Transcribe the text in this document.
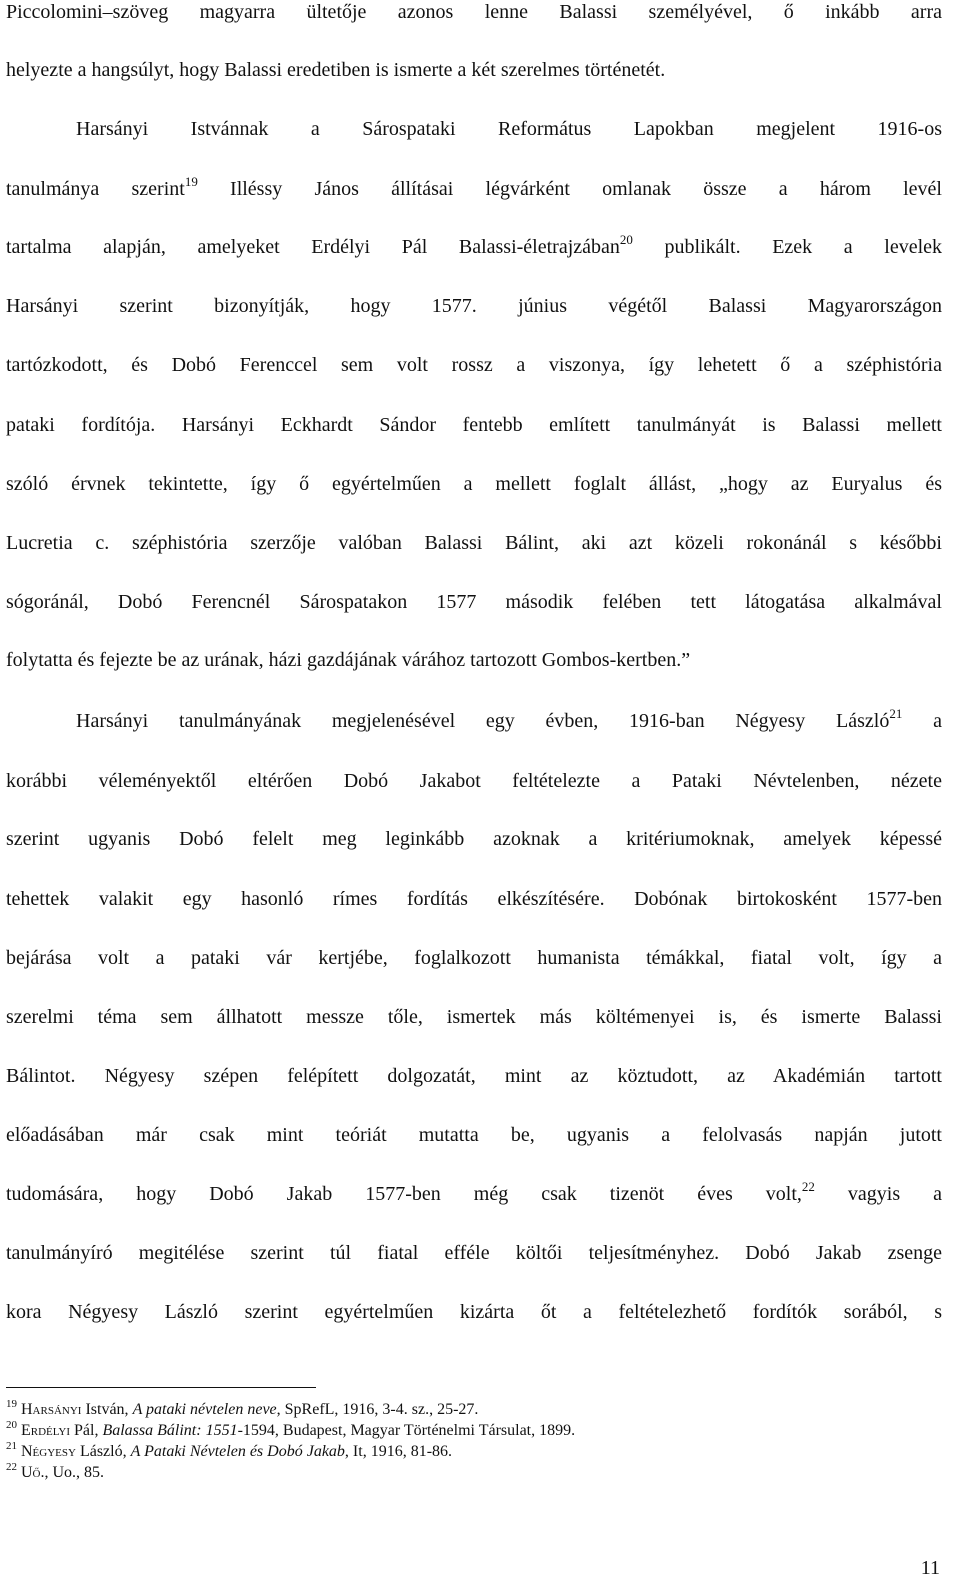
Piccolomini–szöveg magyarra ültetője azonos lenne Balassi személyével, ő inkább arra
helyezte a hangsúlyt, hogy Balassi eredetiben is ismerte a két szerelmes történetét.
Harsányi Istvánnak a Sárospataki Református Lapokban megjelent 1916-os
tanulmánya szerint$^{19}$ Illéssy János állításai légvárként omlanak össze a három levél
tartalma alapján, amelyeket Erdélyi Pál Balassi-életrajzában$^{20}$ publikált. Ezek a levelek
Harsányi szerint bizonyítják, hogy 1577. június végétől Balassi Magyarországon
tartózkodott, és Dobó Ferenccel sem volt rossz a viszonya, így lehetett ő a széphistória
pataki fordítója. Harsányi Eckhardt Sándor fentebb említett tanulmányát is Balassi mellett
szóló érvnek tekintette, így ő egyértelműen a mellett foglalt állást, „hogy az Euryalus és
Lucretia c. széphistória szerzője valóban Balassi Bálint, aki azt közeli rokonánál s későbbi
sógoránál, Dobó Ferencnél Sárospatakon 1577 második felében tett látogatása alkalmával
folytatta és fejezte be az urának, házi gazdájának várához tartozott Gombos-kertben.”
Harsányi tanulmányának megjelenésével egy évben, 1916-ban Négyesy László$^{21}$ a
korábbi véleményektől eltérően Dobó Jakabot feltételezte a Pataki Névtelenben, nézete
szerint ugyanis Dobó felelt meg leginkább azoknak a kritériumoknak, amelyek képessé
tehettek valakit egy hasonló rímes fordítás elkészítésére. Dobónak birtokosként 1577-ben
bejárása volt a pataki vár kertjébe, foglalkozott humanista témákkal, fiatal volt, így a
szerelmi téma sem állhatott messze tőle, ismertek más költémenyei is, és ismerte Balassi
Bálintot. Négyesy szépen felépített dolgozatát, mint az köztudott, az Akadémián tartott
előadásában már csak mint teóriát mutatta be, ugyanis a felolvasás napján jutott
tudomására, hogy Dobó Jakab 1577-ben még csak tizenöt éves volt,$^{22}$ vagyis a
tanulmányíró megitélése szerint túl fiatal efféle költői teljesítményhez. Dobó Jakab zsenge
kora Négyesy László szerint egyértelműen kizárta őt a feltételezhető fordítók sorából, s
$^{19}$ Harsányi István, A pataki névtelen neve, SpRefL, 1916, 3-4. sz., 25-27.
$^{20}$ Erdélyi Pál, Balassa Bálint: 1551-1594, Budapest, Magyar Történelmi Társulat, 1899.
$^{21}$ Négyesy László, A Pataki Névtelen és Dobó Jakab, It, 1916, 81-86.
$^{22}$ Uő., Uo., 85.
11
